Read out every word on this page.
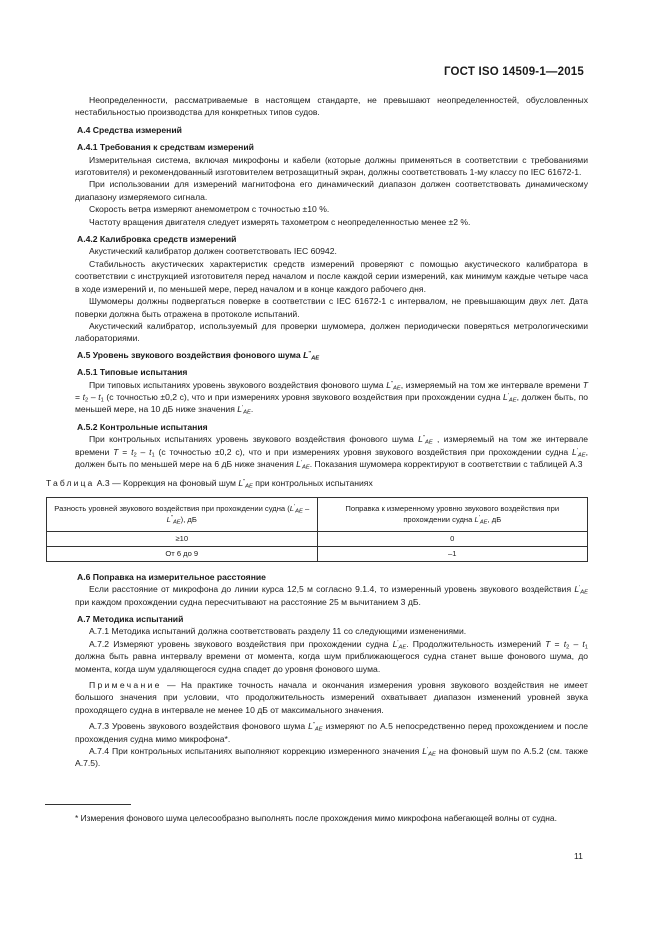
ГОСТ ISO 14509-1—2015

Неопределенности, рассматриваемые в настоящем стандарте, не превышают неопределенностей, обусловленных нестабильностью производства для конкретных типов судов.

А.4 Средства измерений

А.4.1 Требования к средствам измерений

Измерительная система, включая микрофоны и кабели (которые должны применяться в соответствии с требованиями изготовителя) и рекомендованный изготовителем ветрозащитный экран, должны соответствовать 1-му классу по IEC 61672-1.

При использовании для измерений магнитофона его динамический диапазон должен соответствовать динамическому диапазону измеряемого сигнала.

Скорость ветра измеряют анемометром с точностью ±10 %.

Частоту вращения двигателя следует измерять тахометром с неопределенностью менее ±2 %.

А.4.2 Калибровка средств измерений

Акустический калибратор должен соответствовать IEC 60942.

Стабильность акустических характеристик средств измерений проверяют с помощью акустического калибратора в соответствии с инструкцией изготовителя перед началом и после каждой серии измерений, как минимум каждые четыре часа в ходе измерений и, по меньшей мере, перед началом и в конце каждого рабочего дня.

Шумомеры должны подвергаться поверке в соответствии с IEC 61672-1 с интервалом, не превышающим двух лет. Дата поверки должна быть отражена в протоколе испытаний.

Акустический калибратор, используемый для проверки шумомера, должен периодически поверяться метрологическими лабораториями.

А.5 Уровень звукового воздействия фонового шума $L^"_{AE}$

А.5.1 Типовые испытания

При типовых испытаниях уровень звукового воздействия фонового шума $L^"_{AE}$, измеряемый на том же интервале времени $T = t_2 - t_1$ (с точностью ±0,2 с), что и при измерениях уровня звукового воздействия при прохождении судна $L'_{AE}$, должен быть, по меньшей мере, на 10 дБ ниже значения $L'_{AE}$.

А.5.2 Контрольные испытания

При контрольных испытаниях уровень звукового воздействия фонового шума $L^"_{AE}$ , измеряемый на том же интервале времени $T = t_2 - t_1$ (с точностью ±0,2 с), что и при измерениях уровня звукового воздействия при прохождении судна $L'_{AE}$, должен быть по меньшей мере на 6 дБ ниже значения $L'_{AE}$. Показания шумомера корректируют в соответствии с таблицей А.3

Таблица А.3 — Коррекция на фоновый шум $L^"_{AE}$ при контрольных испытаниях

Разность уровней звукового воздействия при прохождении судна $(L'_{AE} - L^"_{AE})$, дБ	Поправка к измеренному уровню звукового воздействия при прохождении судна $L'_{AE}$, дБ
≥10	0
От 6 до 9	–1

А.6 Поправка на измерительное расстояние

Если расстояние от микрофона до линии курса 12,5 м согласно 9.1.4, то измеренный уровень звукового воздействия $L'_{AE}$ при каждом прохождении судна пересчитывают на расстояние 25 м вычитанием 3 дБ.

А.7 Методика испытаний

А.7.1 Методика испытаний должна соответствовать разделу 11 со следующими изменениями.

А.7.2 Измеряют уровень звукового воздействия при прохождении судна $L'_{AE}$. Продолжительность измерений $T = t_2 - t_1$ должна быть равна интервалу времени от момента, когда шум приближающегося судна станет выше фонового шума, до момента, когда шум удаляющегося судна спадет до уровня фонового шума.

Примечание — На практике точность начала и окончания измерения уровня звукового воздействия не имеет большого значения при условии, что продолжительность измерений охватывает диапазон изменений уровней звука проходящего судна в интервале не менее 10 дБ от максимального значения.

А.7.3 Уровень звукового воздействия фонового шума $L^"_{AE}$ измеряют по А.5 непосредственно перед прохождением и после прохождения судна мимо микрофона*.

А.7.4 При контрольных испытаниях выполняют коррекцию измеренного значения $L'_{AE}$ на фоновый шум по А.5.2 (см. также А.7.5).

* Измерения фонового шума целесообразно выполнять после прохождения мимо микрофона набегающей волны от судна.

11
